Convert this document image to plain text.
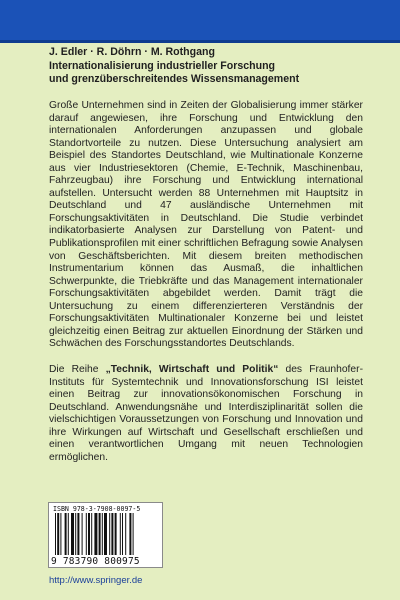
J. Edler · R. Döhrn · M. Rothgang
Internationalisierung industrieller Forschung
und grenzüberschreitendes Wissensmanagement

Große Unternehmen sind in Zeiten der Globalisierung immer stärker darauf angewiesen, ihre Forschung und Entwicklung den internationalen Anforderungen anzupassen und globale Standortvorteile zu nutzen. Diese Untersuchung analysiert am Beispiel des Standortes Deutschland, wie Multinationale Konzerne aus vier Industriesektoren (Chemie, E-Technik, Maschinenbau, Fahrzeugbau) ihre Forschung und Entwicklung international aufstellen. Untersucht werden 88 Unternehmen mit Hauptsitz in Deutschland und 47 ausländische Unternehmen mit Forschungsaktivitäten in Deutschland. Die Studie verbindet indikatorbasierte Analysen zur Darstellung von Patent- und Publikationsprofilen mit einer schriftlichen Befragung sowie Analysen von Geschäftsberichten. Mit diesem breiten methodischen Instrumentarium können das Ausmaß, die inhaltlichen Schwerpunkte, die Triebkräfte und das Management internationaler Forschungsaktivitäten abgebildet werden. Damit trägt die Untersuchung zu einem differenzierteren Verständnis der Forschungsaktivitäten Multinationaler Konzerne bei und leistet gleichzeitig einen Beitrag zur aktuellen Einordnung der Stärken und Schwächen des Forschungsstandortes Deutschlands.

Die Reihe „Technik, Wirtschaft und Politik“ des Fraunhofer-Instituts für Systemtechnik und Innovationsforschung ISI leistet einen Beitrag zur innovationsökonomischen Forschung in Deutschland. Anwendungsnähe und Interdisziplinarität sollen die vielschichtigen Voraussetzungen von Forschung und Innovation und ihre Wirkungen auf Wirtschaft und Gesellschaft erschließen und einen verantwortlichen Umgang mit neuen Technologien ermöglichen.

ISBN 978-3-7908-0097-5
9 783790 800975
http://www.springer.de
